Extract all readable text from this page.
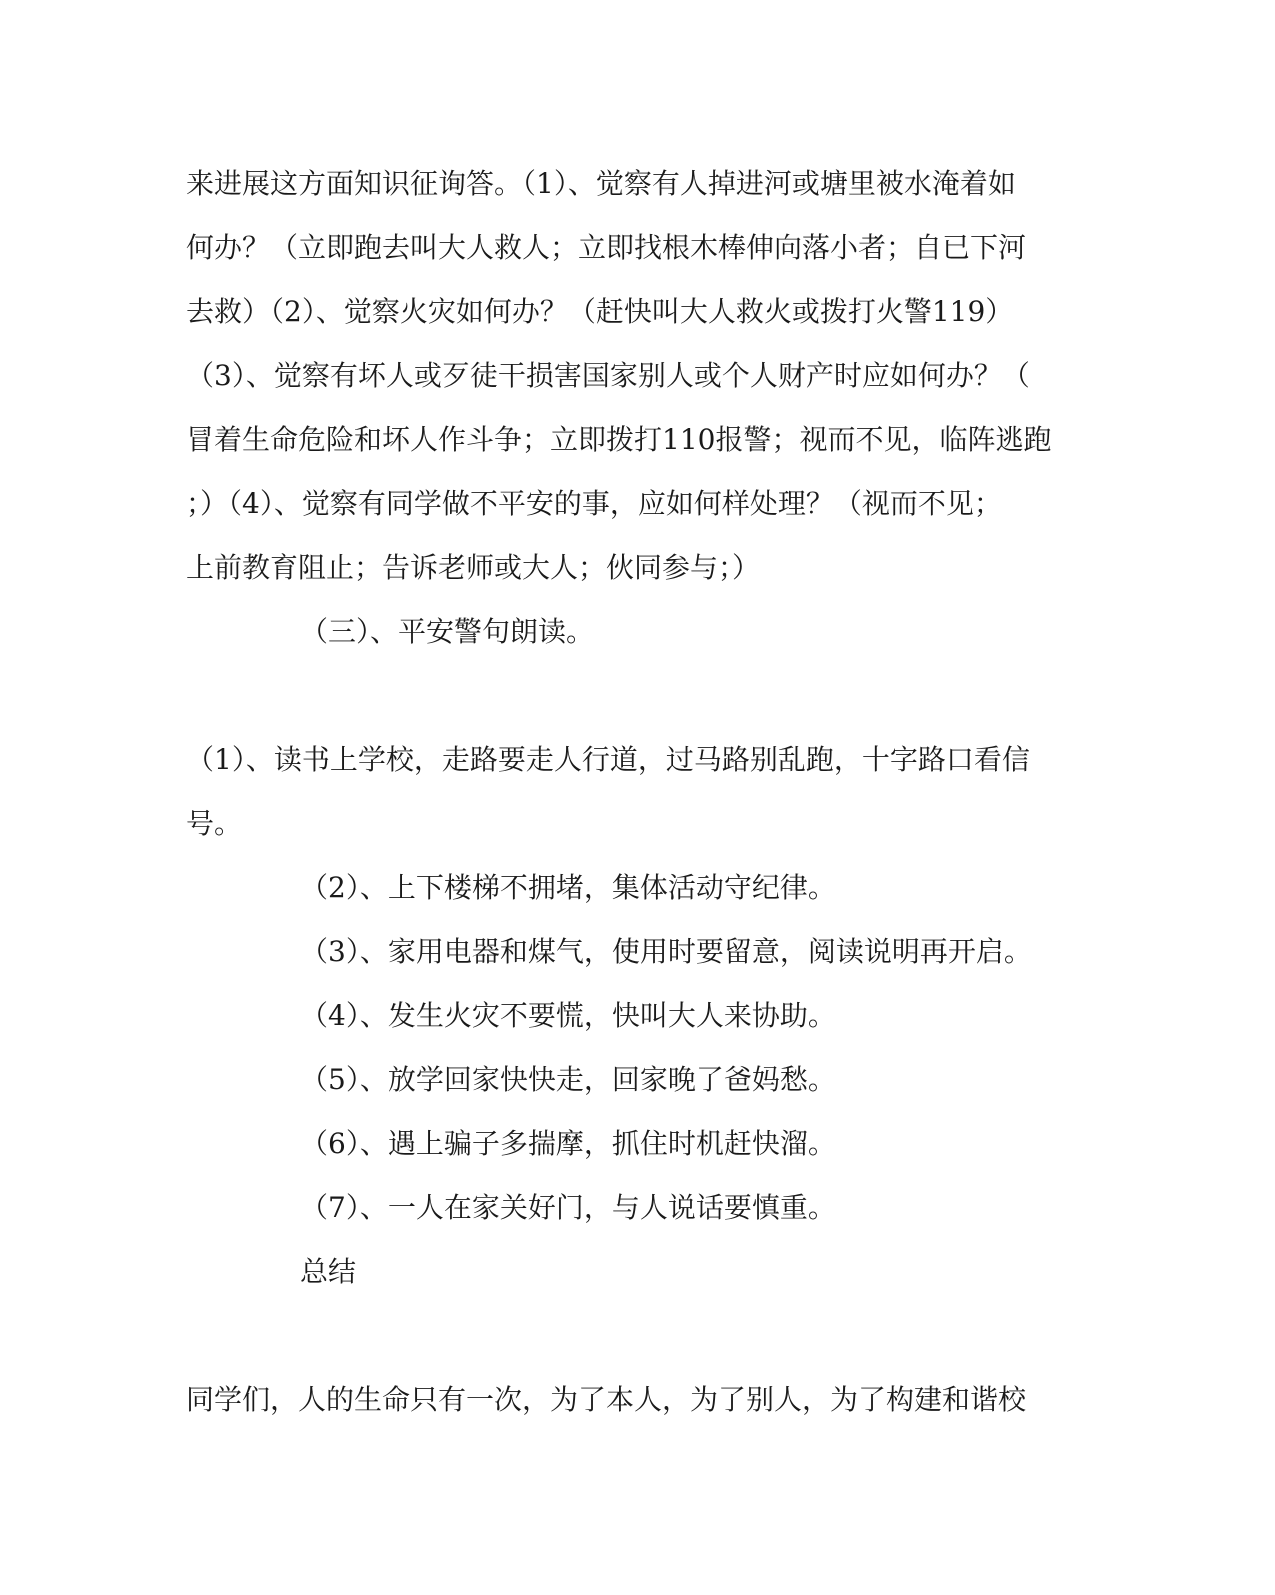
来进展这方面知识征询答。（1）、觉察有人掉进河或塘里被水淹着如
何办？（立即跑去叫大人救人；立即找根木棒伸向落小者；自已下河
去救）（2）、觉察火灾如何办？（赶快叫大人救火或拨打火警119）
（3）、觉察有坏人或歹徒干损害国家别人或个人财产时应如何办？（
冒着生命危险和坏人作斗争；立即拨打110报警；视而不见，临阵逃跑
；）（4）、觉察有同学做不平安的事，应如何样处理？（视而不见；
上前教育阻止；告诉老师或大人；伙同参与；）
（三）、平安警句朗读。
（1）、读书上学校，走路要走人行道，过马路别乱跑，十字路口看信
号。
（2）、上下楼梯不拥堵，集体活动守纪律。
（3）、家用电器和煤气，使用时要留意，阅读说明再开启。
（4）、发生火灾不要慌，快叫大人来协助。
（5）、放学回家快快走，回家晚了爸妈愁。
（6）、遇上骗子多揣摩，抓住时机赶快溜。
（7）、一人在家关好门，与人说话要慎重。
总结
同学们，人的生命只有一次，为了本人，为了别人，为了构建和谐校
